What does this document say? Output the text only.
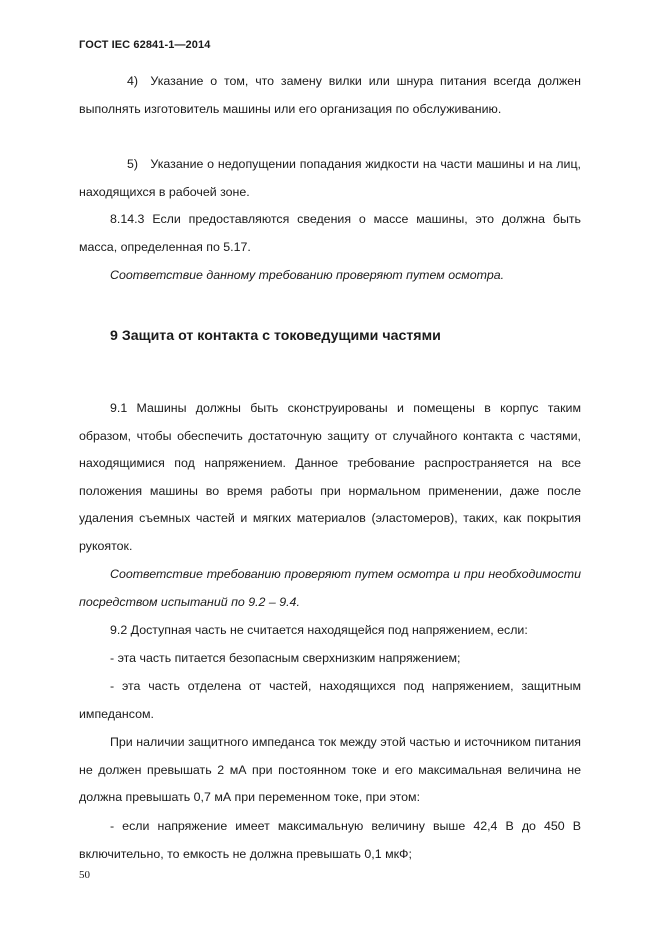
ГОСТ IEC 62841-1—2014

4) Указание о том, что замену вилки или шнура питания всегда должен выполнять изготовитель машины или его организация по обслуживанию.

5) Указание о недопущении попадания жидкости на части машины и на лиц, находящихся в рабочей зоне.

8.14.3 Если предоставляются сведения о массе машины, это должна быть масса, определенная по 5.17.

Соответствие данному требованию проверяют путем осмотра.

9 Защита от контакта с токоведущими частями

9.1 Машины должны быть сконструированы и помещены в корпус таким образом, чтобы обеспечить достаточную защиту от случайного контакта с частями, находящимися под напряжением. Данное требование распространяется на все положения машины во время работы при нормальном применении, даже после удаления съемных частей и мягких материалов (эластомеров), таких, как покрытия рукояток.

Соответствие требованию проверяют путем осмотра и при необходимости посредством испытаний по 9.2 – 9.4.

9.2 Доступная часть не считается находящейся под напряжением, если:

- эта часть питается безопасным сверхнизким напряжением;

- эта часть отделена от частей, находящихся под напряжением, защитным импедансом.

При наличии защитного импеданса ток между этой частью и источником питания не должен превышать 2 мА при постоянном токе и его максимальная величина не должна превышать 0,7 мА при переменном токе, при этом:

- если напряжение имеет максимальную величину выше 42,4 В до 450 В включительно, то емкость не должна превышать 0,1 мкФ;

50
